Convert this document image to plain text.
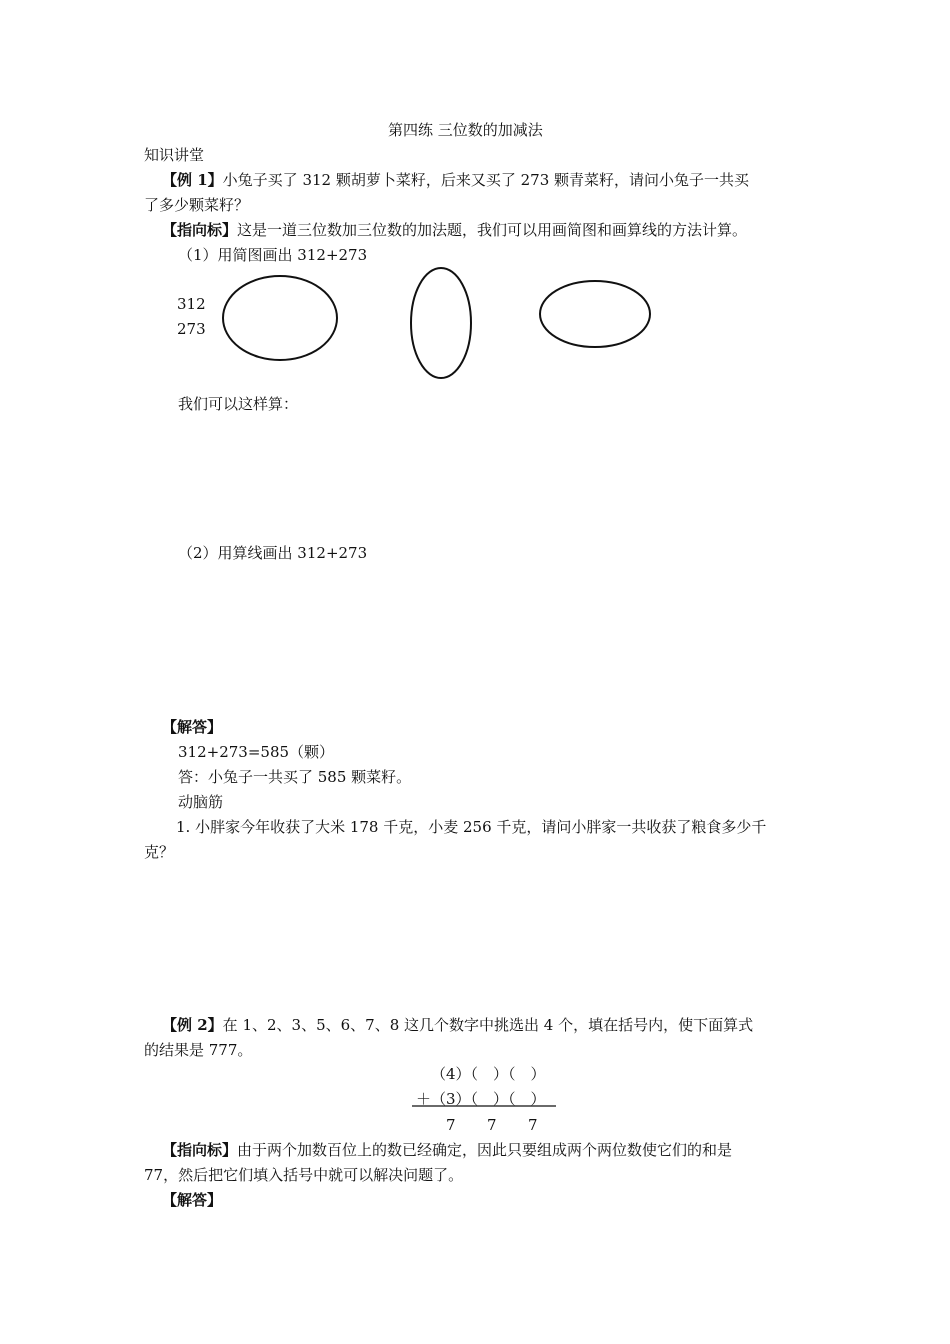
第四练 三位数的加减法
知识讲堂
【例 1】小兔子买了 312 颗胡萝卜菜籽，后来又买了 273 颗青菜籽，请问小兔子一共买
了多少颗菜籽？
【指向标】这是一道三位数加三位数的加法题，我们可以用画简图和画算线的方法计算。
（1）用简图画出 312+273
312
273
我们可以这样算：
（2）用算线画出 312+273
【解答】
312+273=585（颗）
答：小兔子一共买了 585 颗菜籽。
动脑筋
1. 小胖家今年收获了大米 178 千克，小麦 256 千克，请问小胖家一共收获了粮食多少千
克？
【例 2】在 1、2、3、5、6、7、8 这几个数字中挑选出 4 个，填在括号内，使下面算式
的结果是 777。
（4）（　）（　）
＋（3）（　）（　）
7 7 7
【指向标】由于两个加数百位上的数已经确定，因此只要组成两个两位数使它们的和是
77，然后把它们填入括号中就可以解决问题了。
【解答】
